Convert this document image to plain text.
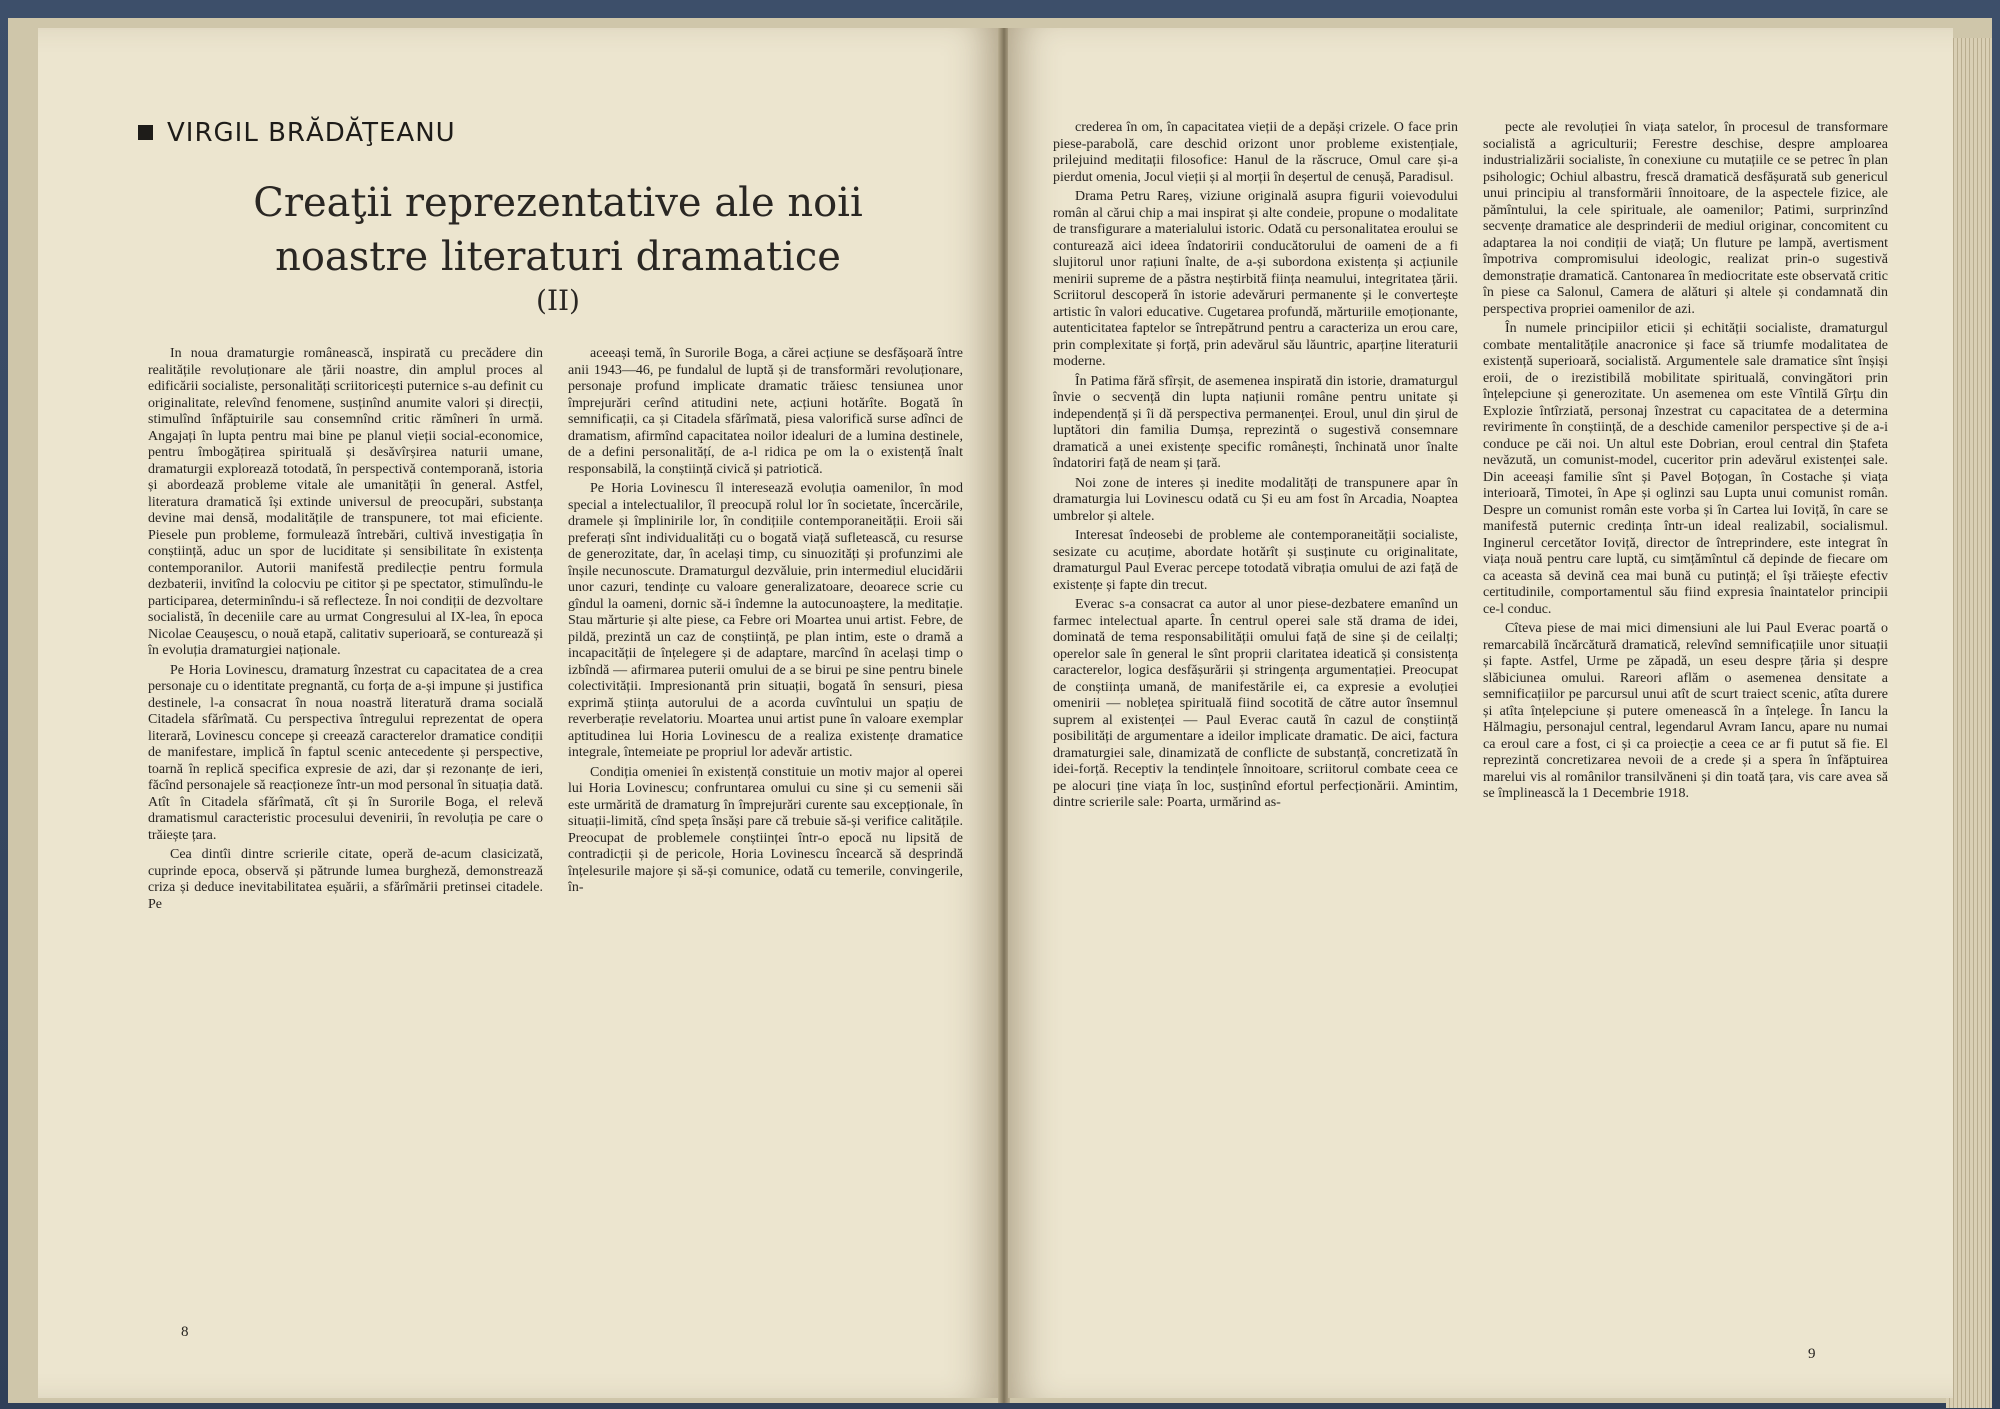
VIRGIL BRĂDĂŢEANU
Creaţii reprezentative ale noii
noastre literaturi dramatice
(II)

In noua dramaturgie românească, inspirată cu precădere din realitățile revoluționare ale țării noastre, din amplul proces al edificării socialiste, personalități scriitoricești puternice s-au definit cu originalitate, relevînd fenomene, susținînd anumite valori și direcții, stimulînd înfăptuirile sau consemnînd critic rămîneri în urmă. Angajați în lupta pentru mai bine pe planul vieții social-economice, pentru îmbogățirea spirituală și desăvîrșirea naturii umane, dramaturgii explorează totodată, în perspectivă contemporană, istoria și abordează probleme vitale ale umanității în general. Astfel, literatura dramatică își extinde universul de preocupări, substanța devine mai densă, modalitățile de transpunere, tot mai eficiente. Piesele pun probleme, formulează întrebări, cultivă investigația în conștiință, aduc un spor de luciditate și sensibilitate în existența contemporanilor. Autorii manifestă predilecție pentru formula dezbaterii, invitînd la colocviu pe cititor și pe spectator, stimulîndu-le participarea, determinîndu-i să reflecteze. În noi condiții de dezvoltare socialistă, în deceniile care au urmat Congresului al IX-lea, în epoca Nicolae Ceaușescu, o nouă etapă, calitativ superioară, se conturează și în evoluția dramaturgiei naționale.

Pe Horia Lovinescu, dramaturg înzestrat cu capacitatea de a crea personaje cu o identitate pregnantă, cu forța de a-și impune și justifica destinele, l-a consacrat în noua noastră literatură drama socială Citadela sfărîmată. Cu perspectiva întregului reprezentat de opera literară, Lovinescu concepe și creează caracterelor dramatice condiții de manifestare, implică în faptul scenic antecedente și perspective, toarnă în replică specifica expresie de azi, dar și rezonanțe de ieri, făcînd personajele să reacționeze într-un mod personal în situația dată. Atît în Citadela sfărîmată, cît și în Surorile Boga, el relevă dramatismul caracteristic procesului devenirii, în revoluția pe care o trăiește țara.

Cea dintîi dintre scrierile citate, operă de-acum clasicizată, cuprinde epoca, observă și pătrunde lumea burgheză, demonstrează criza și deduce inevitabilitatea eșuării, a sfărîmării pretinsei citadele. Pe

aceeași temă, în Surorile Boga, a cărei acțiune se desfășoară între anii 1943—46, pe fundalul de luptă și de transformări revoluționare, personaje profund implicate dramatic trăiesc tensiunea unor împrejurări cerînd atitudini nete, acțiuni hotărîte. Bogată în semnificații, ca și Citadela sfărîmată, piesa valorifică surse adînci de dramatism, afirmînd capacitatea noilor idealuri de a lumina destinele, de a defini personalitățí, de a-l ridica pe om la o existență înalt responsabilă, la conștiință civică și patriotică.

Pe Horia Lovinescu îl interesează evoluția oamenilor, în mod special a intelectualilor, îl preocupă rolul lor în societate, încercările, dramele și împlinirile lor, în condițiile contemporaneității. Eroii săi preferați sînt individualități cu o bogată viață sufletească, cu resurse de generozitate, dar, în același timp, cu sinuozități și profunzimi ale înșile necunoscute. Dramaturgul dezvăluie, prin intermediul elucidării unor cazuri, tendințe cu valoare generalizatoare, deoarece scrie cu gîndul la oameni, dornic să-i îndemne la autocunoaștere, la meditație. Stau mărturie și alte piese, ca Febre ori Moartea unui artist. Febre, de pildă, prezintă un caz de conștiință, pe plan intim, este o dramă a incapacității de înțelegere și de adaptare, marcînd în același timp o izbîndă — afirmarea puterii omului de a se birui pe sine pentru binele colectivității. Impresionantă prin situații, bogată în sensuri, piesa exprimă știința autorului de a acorda cuvîntului un spațiu de reverberație revelatoriu. Moartea unui artist pune în valoare exemplar aptitudinea lui Horia Lovinescu de a realiza existențe dramatice integrale, întemeiate pe propriul lor adevăr artistic.

Condiția omeniei în existență constituie un motiv major al operei lui Horia Lovinescu; confruntarea omului cu sine și cu semenii săi este urmărită de dramaturg în împrejurări curente sau excepționale, în situații-limită, cînd speța însăși pare că trebuie să-și verifice calitățile. Preocupat de problemele conștiinței într-o epocă nu lipsită de contradicții și de pericole, Horia Lovinescu încearcă să desprindă înțelesurile majore și să-și comunice, odată cu temerile, convingerile, în-

8

crederea în om, în capacitatea vieții de a depăși crizele. O face prin piese-parabolă, care deschid orizont unor probleme existențiale, prilejuind meditații filosofice: Hanul de la răscruce, Omul care și-a pierdut omenia, Jocul vieții și al morții în deșertul de cenușă, Paradisul.

Drama Petru Rareș, viziune originală asupra figurii voievodului român al cărui chip a mai inspirat și alte condeie, propune o modalitate de transfigurare a materialului istoric. Odată cu personalitatea eroului se conturează aici ideea îndatoririi conducătorului de oameni de a fi slujitorul unor rațiuni înalte, de a-și subordona existența și acțiunile menirii supreme de a păstra neștirbită ființa neamului, integritatea țării. Scriitorul descoperă în istorie adevăruri permanente și le convertește artistic în valori educative. Cugetarea profundă, mărturiile emoționante, autenticitatea faptelor se întrepătrund pentru a caracteriza un erou care, prin complexitate și forță, prin adevărul său lăuntric, aparține literaturii moderne.

În Patima fără sfîrșit, de asemenea inspirată din istorie, dramaturgul învie o secvență din lupta națiunii române pentru unitate și independență și îi dă perspectiva permanenței. Eroul, unul din șirul de luptători din familia Dumșa, reprezintă o sugestivă consemnare dramatică a unei existențe specific românești, închinată unor înalte îndatoriri față de neam și țară.

Noi zone de interes și inedite modalități de transpunere apar în dramaturgia lui Lovinescu odată cu Și eu am fost în Arcadia, Noaptea umbrelor și altele.

Interesat îndeosebi de probleme ale contemporaneității socialiste, sesizate cu acuțime, abordate hotărît și susținute cu originalitate, dramaturgul Paul Everac percepe totodată vibrația omului de azi față de existențe și fapte din trecut.

Everac s-a consacrat ca autor al unor piese-dezbatere emanînd un farmec intelectual aparte. În centrul operei sale stă drama de idei, dominată de tema responsabilității omului față de sine și de ceilalți; operelor sale în general le sînt proprii claritatea ideatică și consistența caracterelor, logica desfășurării și stringența argumentației. Preocupat de conștiința umană, de manifestările ei, ca expresie a evoluției omenirii — noblețea spirituală fiind socotită de către autor însemnul suprem al existenței — Paul Everac caută în cazul de conștiință posibilități de argumentare a ideilor implicate dramatic. De aici, factura dramaturgiei sale, dinamizată de conflicte de substanță, concretizată în idei-forță. Receptiv la tendințele înnoitoare, scriitorul combate ceea ce pe alocuri ține viața în loc, susținînd efortul perfecționării. Amintim, dintre scrierile sale: Poarta, urmărind as-

pecte ale revoluției în viața satelor, în procesul de transformare socialistă a agriculturii; Ferestre deschise, despre amploarea industrializării socialiste, în conexiune cu mutațiile ce se petrec în plan psihologic; Ochiul albastru, frescă dramatică desfășurată sub genericul unui principiu al transformării înnoitoare, de la aspectele fizice, ale pămîntului, la cele spirituale, ale oamenilor; Patimi, surprinzînd secvențe dramatice ale desprinderii de mediul originar, concomitent cu adaptarea la noi condiții de viață; Un fluture pe lampă, avertisment împotriva compromisului ideologic, realizat prin-o sugestivă demonstrație dramatică. Cantonarea în mediocritate este observată critic în piese ca Salonul, Camera de alături și altele și condamnată din perspectiva propriei oamenilor de azi.

În numele principiilor eticii și echității socialiste, dramaturgul combate mentalitățile anacronice și face să triumfe modalitatea de existență superioară, socialistă. Argumentele sale dramatice sînt înșiși eroii, de o irezistibilă mobilitate spirituală, convingători prin înțelepciune și generozitate. Un asemenea om este Vîntilă Gîrțu din Explozie întîrziată, personaj înzestrat cu capacitatea de a determina revirimente în conștiință, de a deschide camenilor perspective și de a-i conduce pe căi noi. Un altul este Dobrian, eroul central din Ștafeta nevăzută, un comunist-model, cuceritor prin adevărul existenței sale. Din aceeași familie sînt și Pavel Boțogan, în Costache și viața interioară, Timotei, în Ape și oglinzi sau Lupta unui comunist român. Despre un comunist român este vorba și în Cartea lui Ioviță, în care se manifestă puternic credința într-un ideal realizabil, socialismul. Inginerul cercetător Ioviță, director de întreprindere, este integrat în viața nouă pentru care luptă, cu simțămîntul că depinde de fiecare om ca aceasta să devină cea mai bună cu putință; el își trăiește efectiv certitudinile, comportamentul său fiind expresia înaintatelor principii ce-l conduc.

Cîteva piese de mai mici dimensiuni ale lui Paul Everac poartă o remarcabilă încărcătură dramatică, relevînd semnificațiile unor situații și fapte. Astfel, Urme pe zăpadă, un eseu despre țăria și despre slăbiciunea omului. Rareori aflăm o asemenea densitate a semnificațiilor pe parcursul unui atît de scurt traiect scenic, atîta durere și atîta înțelepciune și putere omenească în a înțelege. În Iancu la Hălmagiu, personajul central, legendarul Avram Iancu, apare nu numai ca eroul care a fost, ci și ca proiecție a ceea ce ar fi putut să fie. El reprezintă concretizarea nevoii de a crede și a spera în înfăptuirea marelui vis al românilor transilvăneni și din toată țara, vis care avea să se împlinească la 1 Decembrie 1918.

9
